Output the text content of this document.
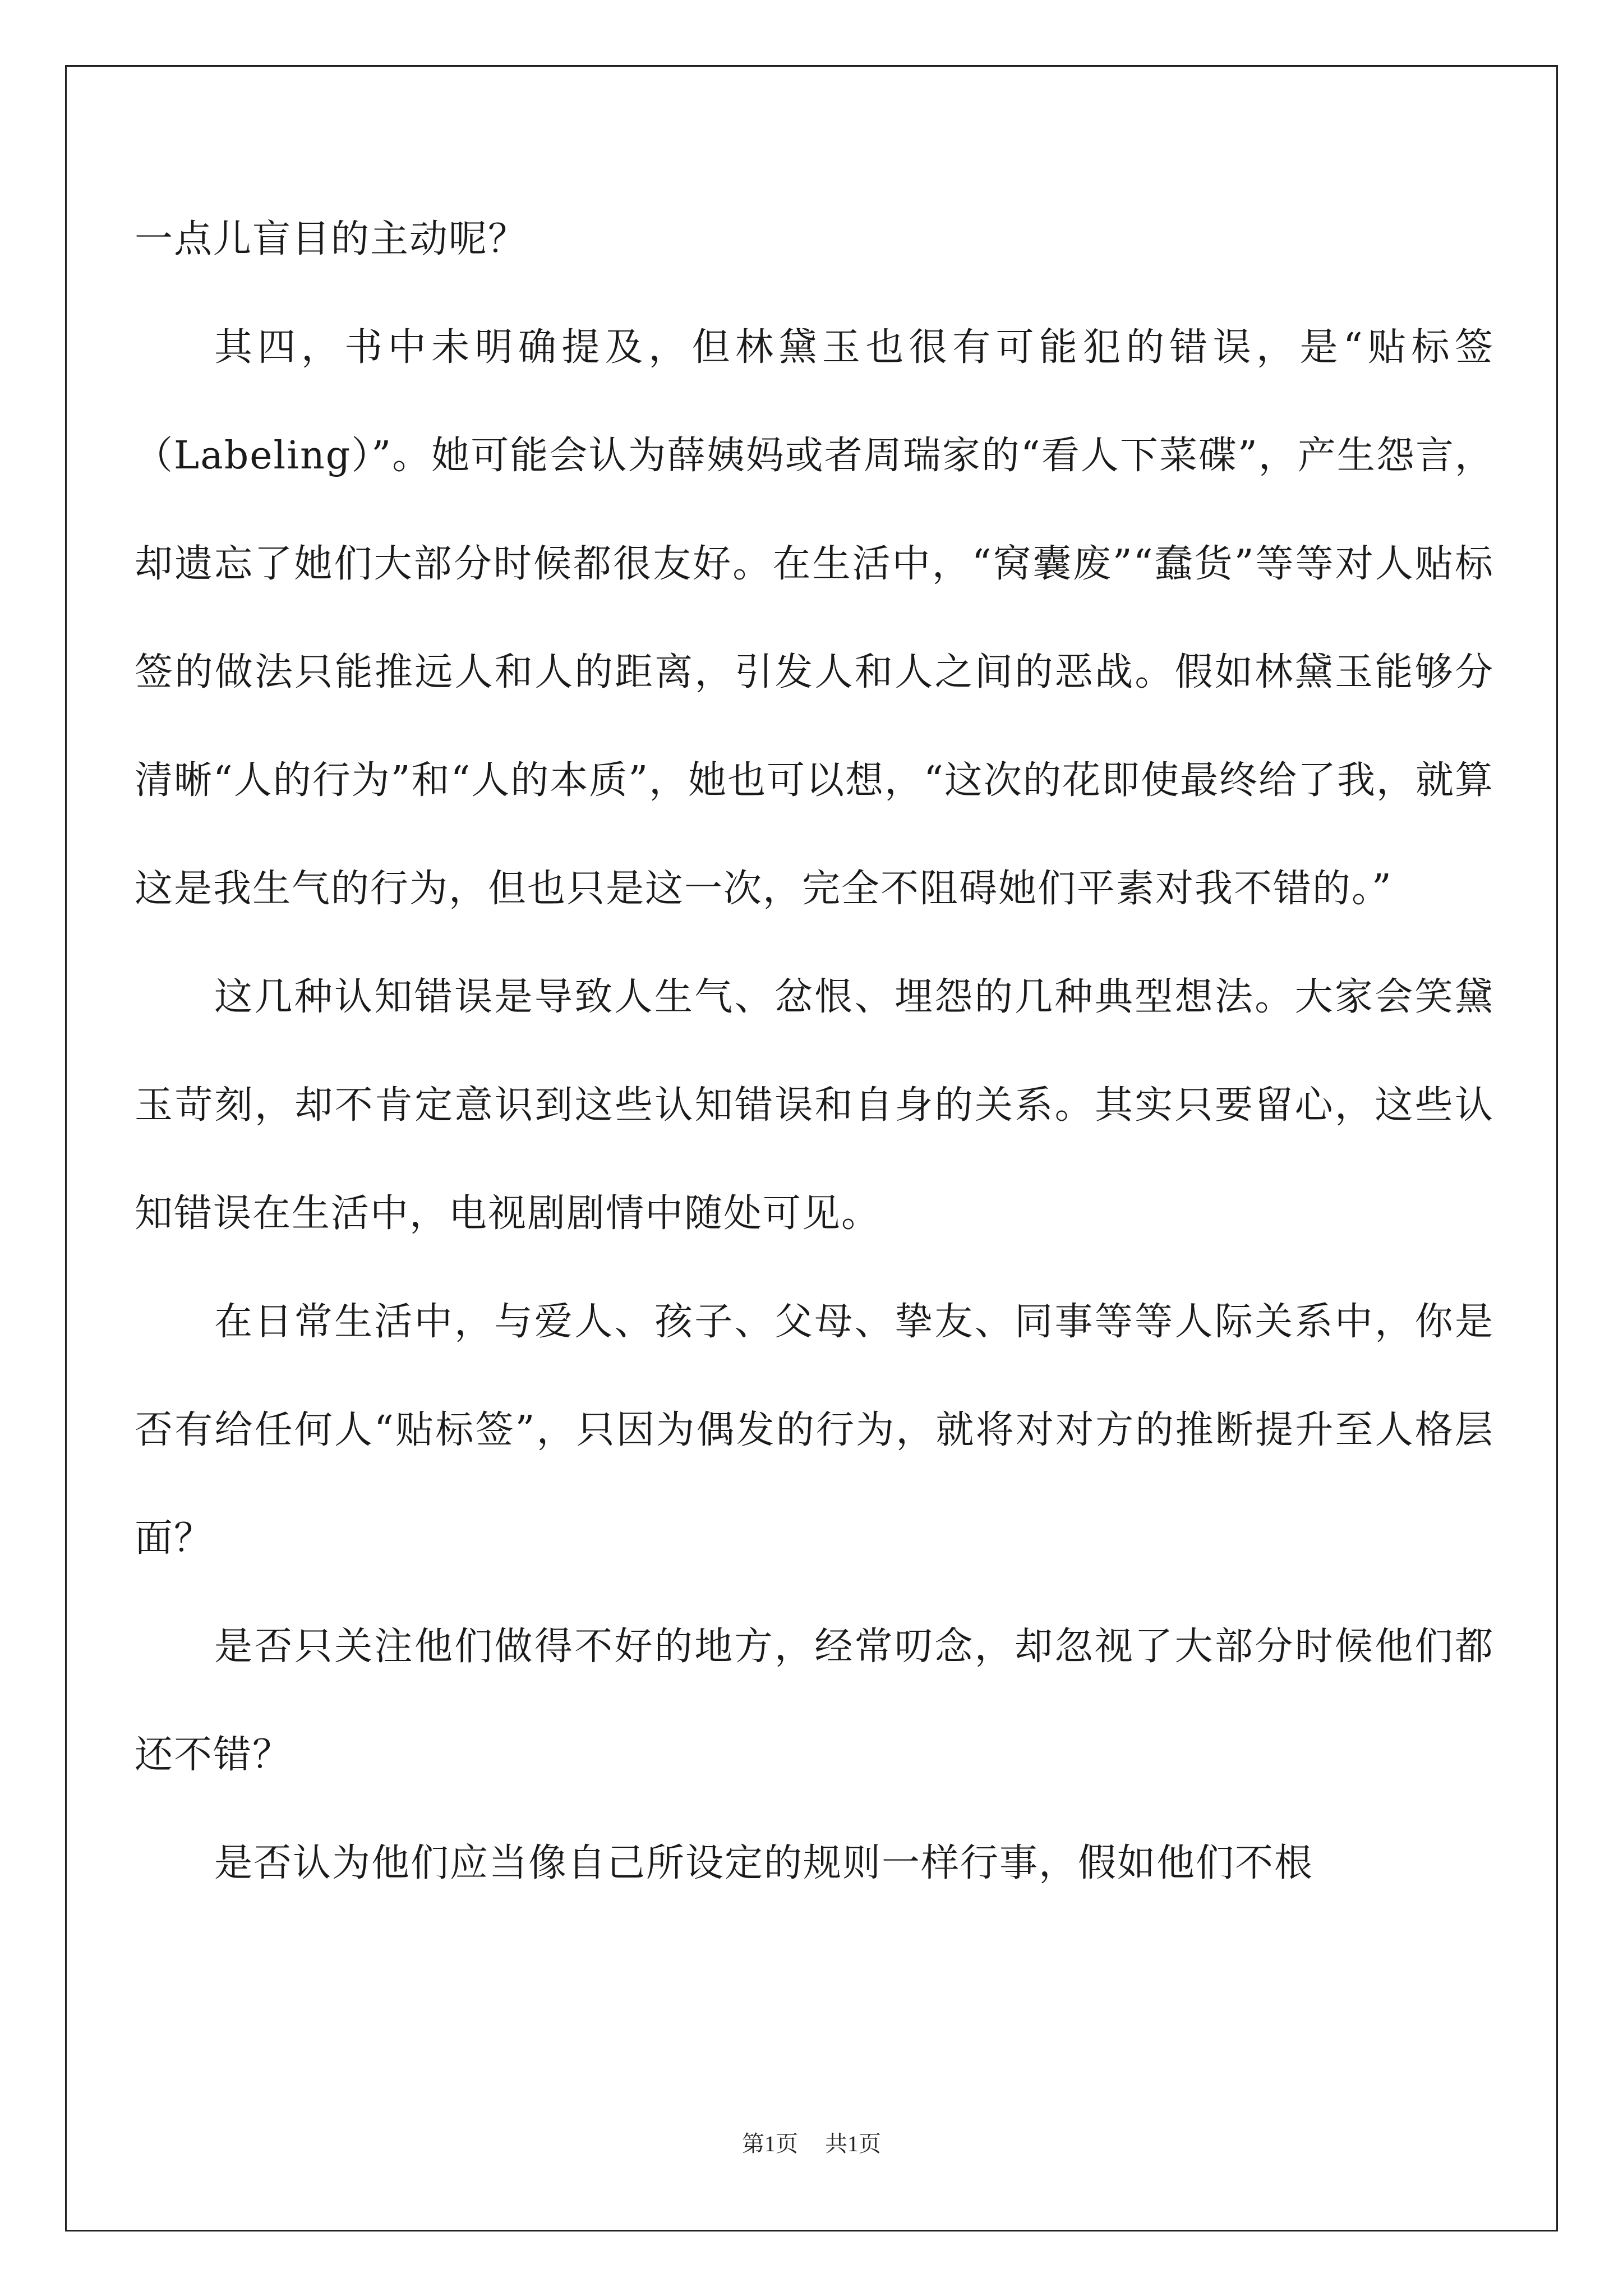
一点儿盲目的主动呢？

其四，书中未明确提及，但林黛玉也很有可能犯的错误，是“贴标签（Labeling）”。她可能会认为薛姨妈或者周瑞家的“看人下菜碟”，产生怨言，却遗忘了她们大部分时候都很友好。在生活中，“窝囊废”“蠢货”等等对人贴标签的做法只能推远人和人的距离，引发人和人之间的恶战。假如林黛玉能够分清晰“人的行为”和“人的本质”，她也可以想，“这次的花即使最终给了我，就算这是我生气的行为，但也只是这一次，完全不阻碍她们平素对我不错的。”

这几种认知错误是导致人生气、忿恨、埋怨的几种典型想法。大家会笑黛玉苛刻，却不肯定意识到这些认知错误和自身的关系。其实只要留心，这些认知错误在生活中，电视剧剧情中随处可见。

在日常生活中，与爱人、孩子、父母、挚友、同事等等人际关系中，你是否有给任何人“贴标签”，只因为偶发的行为，就将对对方的推断提升至人格层面？

是否只关注他们做得不好的地方，经常叨念，却忽视了大部分时候他们都还不错？

是否认为他们应当像自己所设定的规则一样行事，假如他们不根

第1页 共1页
